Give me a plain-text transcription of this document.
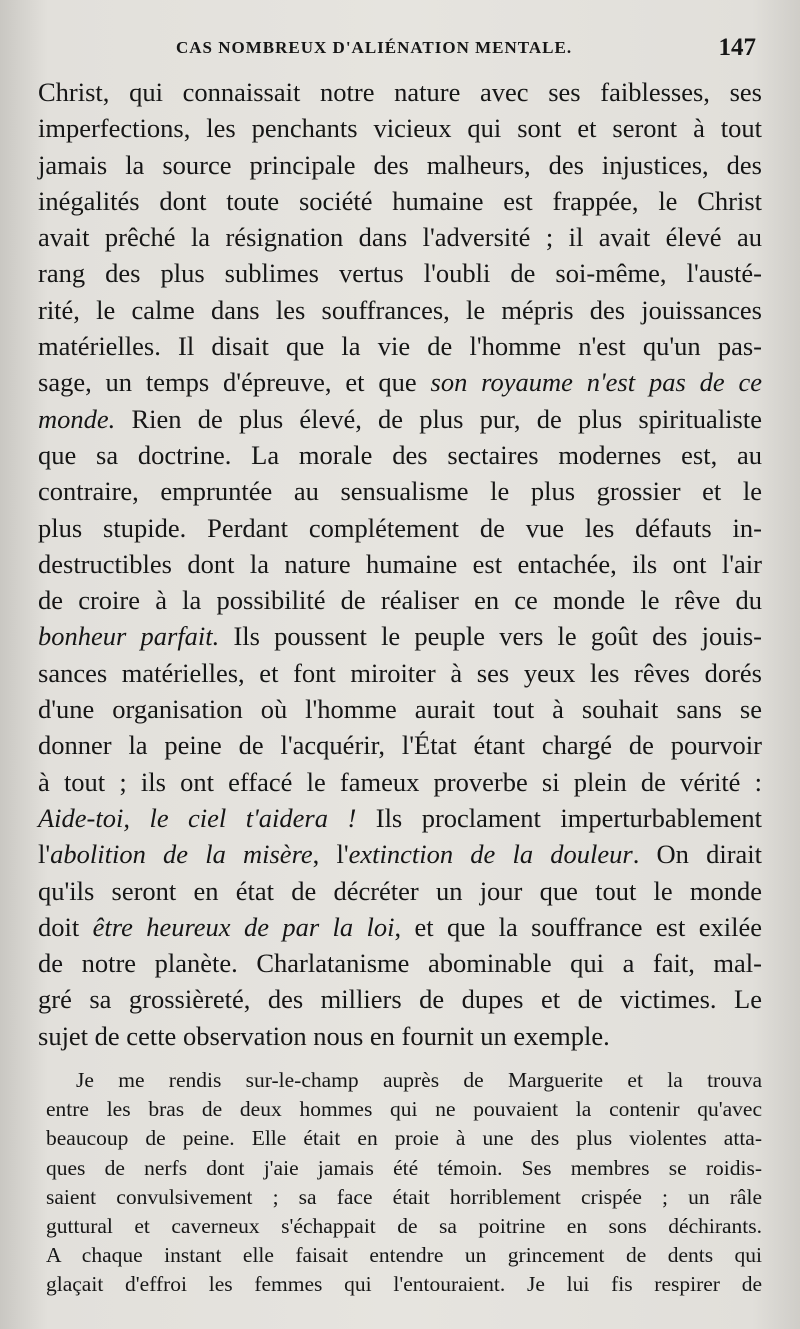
CAS NOMBREUX D'ALIÉNATION MENTALE.	147
Christ, qui connaissait notre nature avec ses faiblesses, ses
imperfections, les penchants vicieux qui sont et seront à tout
jamais la source principale des malheurs, des injustices, des
inégalités dont toute société humaine est frappée, le Christ
avait prêché la résignation dans l'adversité ; il avait élevé au
rang des plus sublimes vertus l'oubli de soi-même, l'austé-
rité, le calme dans les souffrances, le mépris des jouissances
matérielles. Il disait que la vie de l'homme n'est qu'un pas-
sage, un temps d'épreuve, et que son royaume n'est pas de ce
monde. Rien de plus élevé, de plus pur, de plus spiritualiste
que sa doctrine. La morale des sectaires modernes est, au
contraire, empruntée au sensualisme le plus grossier et le
plus stupide. Perdant complétement de vue les défauts in-
destructibles dont la nature humaine est entachée, ils ont l'air
de croire à la possibilité de réaliser en ce monde le rêve du
bonheur parfait. Ils poussent le peuple vers le goût des jouis-
sances matérielles, et font miroiter à ses yeux les rêves dorés
d'une organisation où l'homme aurait tout à souhait sans se
donner la peine de l'acquérir, l'État étant chargé de pourvoir
à tout ; ils ont effacé le fameux proverbe si plein de vérité :
Aide-toi, le ciel t'aidera ! Ils proclament imperturbablement
l'abolition de la misère, l'extinction de la douleur. On dirait
qu'ils seront en état de décréter un jour que tout le monde
doit être heureux de par la loi, et que la souffrance est exilée
de notre planète. Charlatanisme abominable qui a fait, mal-
gré sa grossièreté, des milliers de dupes et de victimes. Le
sujet de cette observation nous en fournit un exemple.
Je me rendis sur-le-champ auprès de Marguerite et la trouva
entre les bras de deux hommes qui ne pouvaient la contenir qu'avec
beaucoup de peine. Elle était en proie à une des plus violentes atta-
ques de nerfs dont j'aie jamais été témoin. Ses membres se roidis-
saient convulsivement ; sa face était horriblement crispée ; un râle
guttural et caverneux s'échappait de sa poitrine en sons déchirants.
A chaque instant elle faisait entendre un grincement de dents qui
glaçait d'effroi les femmes qui l'entouraient. Je lui fis respirer de
